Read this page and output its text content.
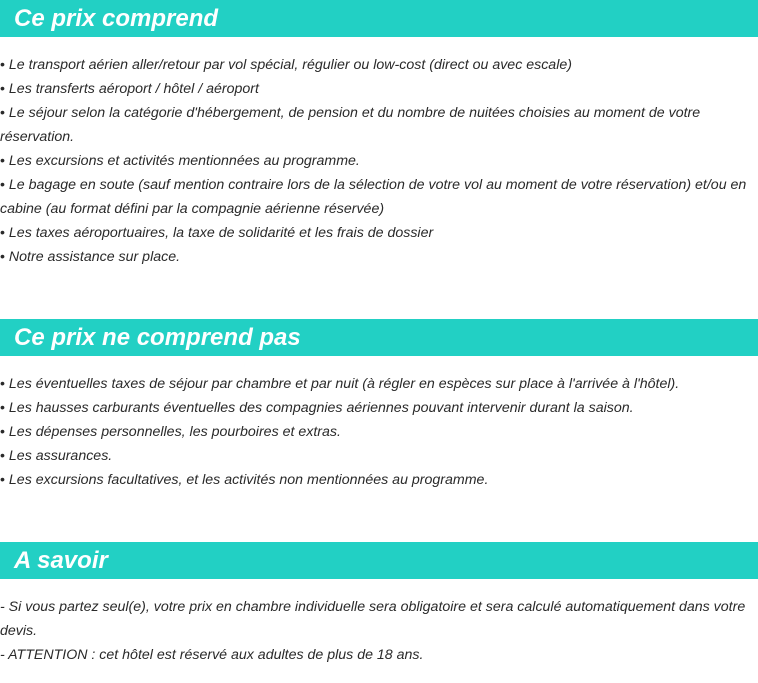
Ce prix comprend
• Le transport aérien aller/retour par vol spécial, régulier ou low-cost (direct ou avec escale)
• Les transferts aéroport / hôtel / aéroport
• Le séjour selon la catégorie d'hébergement, de pension et du nombre de nuitées choisies au moment de votre réservation.
• Les excursions et activités mentionnées au programme.
• Le bagage en soute (sauf mention contraire lors de la sélection de votre vol au moment de votre réservation) et/ou en cabine (au format défini par la compagnie aérienne réservée)
• Les taxes aéroportuaires, la taxe de solidarité et les frais de dossier
• Notre assistance sur place.
Ce prix ne comprend pas
• Les éventuelles taxes de séjour par chambre et par nuit (à régler en espèces sur place à l'arrivée à l'hôtel).
• Les hausses carburants éventuelles des compagnies aériennes pouvant intervenir durant la saison.
• Les dépenses personnelles, les pourboires et extras.
• Les assurances.
• Les excursions facultatives, et les activités non mentionnées au programme.
A savoir
- Si vous partez seul(e), votre prix en chambre individuelle sera obligatoire et sera calculé automatiquement dans votre devis.
- ATTENTION : cet hôtel est réservé aux adultes de plus de 18 ans.
